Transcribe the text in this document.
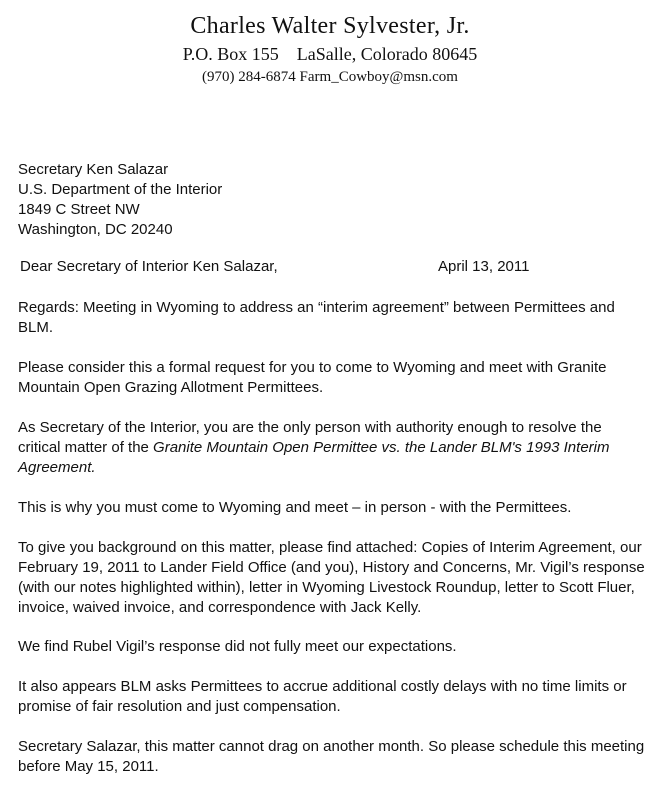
Charles Walter Sylvester, Jr.
P.O. Box 155    LaSalle, Colorado 80645
(970) 284-6874 Farm_Cowboy@msn.com
Secretary Ken Salazar
U.S. Department of the Interior
1849 C Street NW
Washington, DC 20240
Dear Secretary of Interior Ken Salazar,	April 13, 2011

Regards: Meeting in Wyoming to address an “interim agreement” between Permittees and BLM.

Please consider this a formal request for you to come to Wyoming and meet with Granite Mountain Open Grazing Allotment Permittees.

As Secretary of the Interior, you are the only person with authority enough to resolve the critical matter of the Granite Mountain Open Permittee vs. the Lander BLM's 1993 Interim Agreement.

This is why you must come to Wyoming and meet – in person - with the Permittees.

To give you background on this matter, please find attached: Copies of Interim Agreement, our February 19, 2011 to Lander Field Office (and you), History and Concerns, Mr. Vigil’s response (with our notes highlighted within), letter in Wyoming Livestock Roundup, letter to Scott Fluer, invoice, waived invoice, and correspondence with Jack Kelly.

We find Rubel Vigil’s response did not fully meet our expectations.

It also appears BLM asks Permittees to accrue additional costly delays with no time limits or promise of fair resolution and just compensation.

Secretary Salazar, this matter cannot drag on another month. So please schedule this meeting before May 15, 2011.
